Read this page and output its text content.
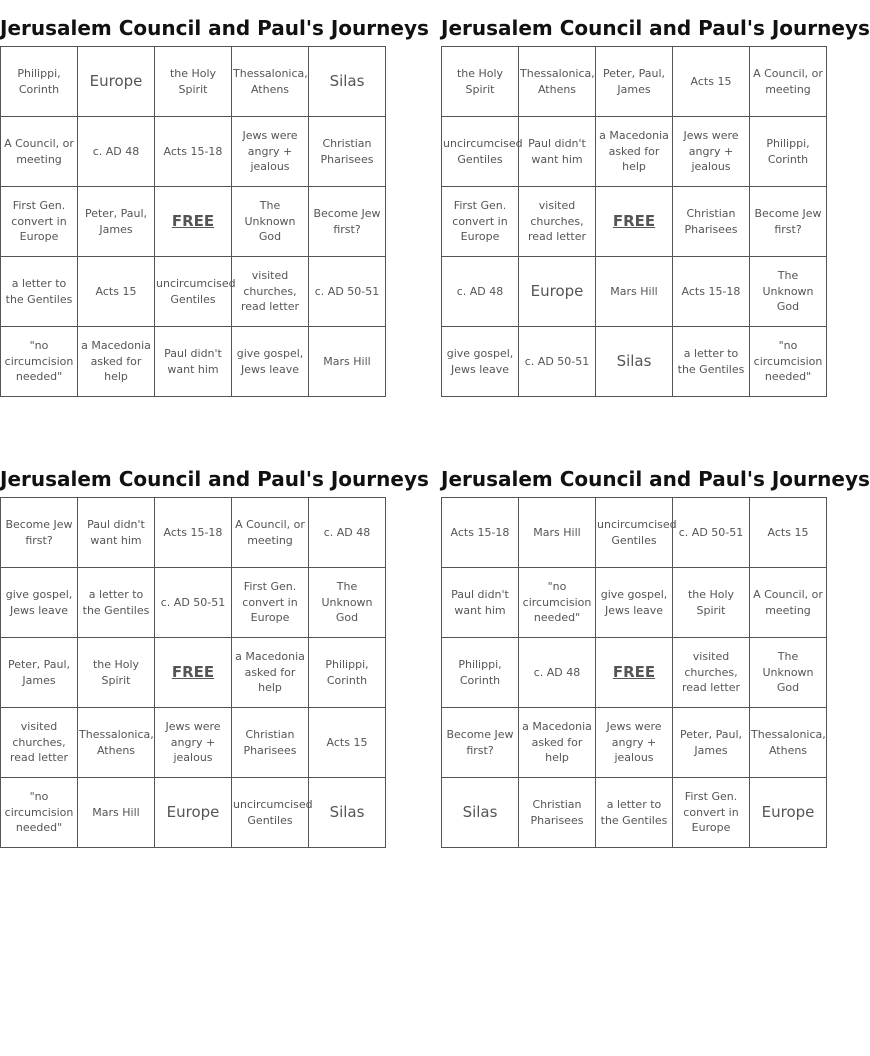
Jerusalem Council and Paul's Journeys
Philippi, Corinth	Europe	the Holy Spirit	Thessalonica, Athens	Silas
A Council, or meeting	c. AD 48	Acts 15-18	Jews were angry + jealous	Christian Pharisees
First Gen. convert in Europe	Peter, Paul, James	FREE	The Unknown God	Become Jew first?
a letter to the Gentiles	Acts 15	uncircumcised Gentiles	visited churches, read letter	c. AD 50-51
"no circumcision needed"	a Macedonia asked for help	Paul didn't want him	give gospel, Jews leave	Mars Hill
Jerusalem Council and Paul's Journeys
the Holy Spirit	Thessalonica, Athens	Peter, Paul, James	Acts 15	A Council, or meeting
uncircumcised Gentiles	Paul didn't want him	a Macedonia asked for help	Jews were angry + jealous	Philippi, Corinth
First Gen. convert in Europe	visited churches, read letter	FREE	Christian Pharisees	Become Jew first?
c. AD 48	Europe	Mars Hill	Acts 15-18	The Unknown God
give gospel, Jews leave	c. AD 50-51	Silas	a letter to the Gentiles	"no circumcision needed"
Jerusalem Council and Paul's Journeys
Become Jew first?	Paul didn't want him	Acts 15-18	A Council, or meeting	c. AD 48
give gospel, Jews leave	a letter to the Gentiles	c. AD 50-51	First Gen. convert in Europe	The Unknown God
Peter, Paul, James	the Holy Spirit	FREE	a Macedonia asked for help	Philippi, Corinth
visited churches, read letter	Thessalonica, Athens	Jews were angry + jealous	Christian Pharisees	Acts 15
"no circumcision needed"	Mars Hill	Europe	uncircumcised Gentiles	Silas
Jerusalem Council and Paul's Journeys
Acts 15-18	Mars Hill	uncircumcised Gentiles	c. AD 50-51	Acts 15
Paul didn't want him	"no circumcision needed"	give gospel, Jews leave	the Holy Spirit	A Council, or meeting
Philippi, Corinth	c. AD 48	FREE	visited churches, read letter	The Unknown God
Become Jew first?	a Macedonia asked for help	Jews were angry + jealous	Peter, Paul, James	Thessalonica, Athens
Silas	Christian Pharisees	a letter to the Gentiles	First Gen. convert in Europe	Europe
